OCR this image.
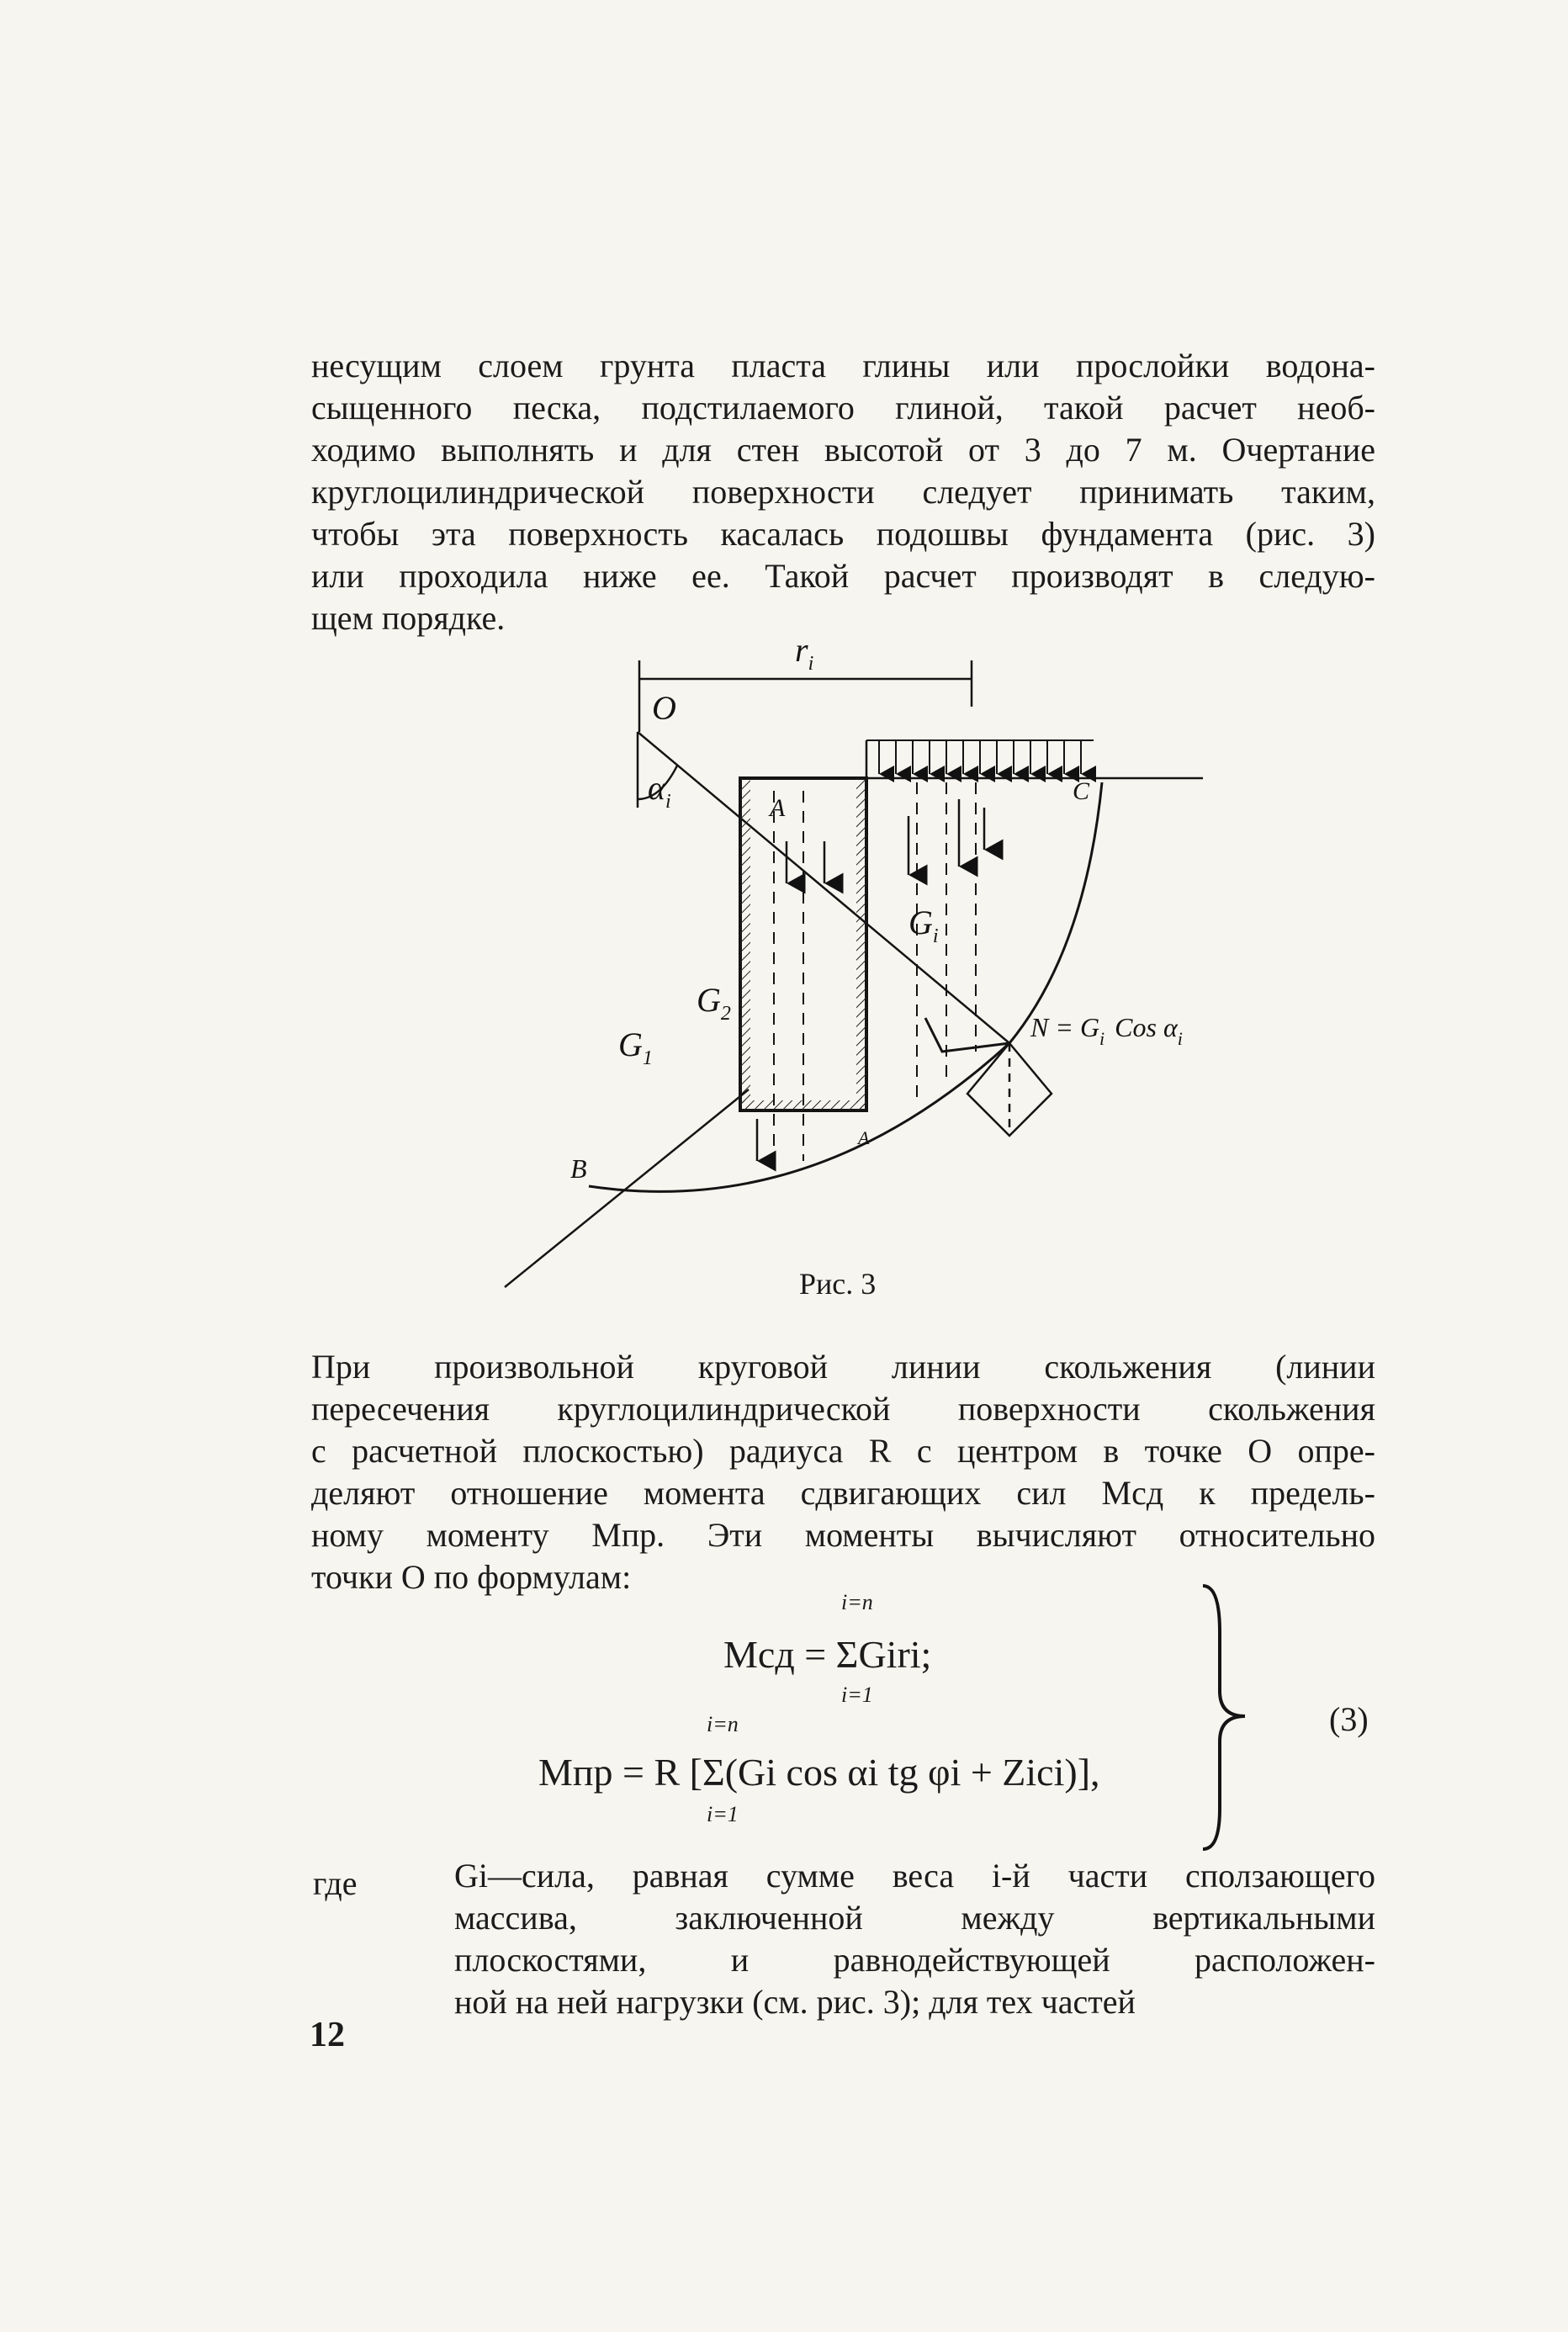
несущим слоем грунта пласта глины или прослойки водона-
сыщенного песка, подстилаемого глиной, такой расчет необ-
ходимо выполнять и для стен высотой от 3 до 7 м. Очертание
круглоцилиндрической поверхности следует принимать таким,
чтобы эта поверхность касалась подошвы фундамента (рис. 3)
или проходила ниже ее. Такой расчет производят в следую-
щем порядке.

$r_i$
O
$\alpha_i$	A
A
C
$G_i$
$G_2$
$G_1$
B
$N = G_i$ Cos $\alpha_i$
Рис. 3

При произвольной круговой линии скольжения (линии
пересечения круглоцилиндрической поверхности скольжения
с расчетной плоскостью) радиуса R с центром в точке O опре-
деляют отношение момента сдвигающих сил Mсд к предель-
ному моменту Mпр. Эти моменты вычисляют относительно
точки O по формулам:

i=n
Mсд = ΣGiri;
i=1
i=n
Mпр = R [Σ(Gi cos αi tg φi + Zici)],
i=1
(3)
где	Gi—сила, равная сумме веса i-й части сползающего
массива, заключенной между вертикальными
плоскостями, и равнодействующей расположен-
ной на ней нагрузки (см. рис. 3); для тех частей

12
